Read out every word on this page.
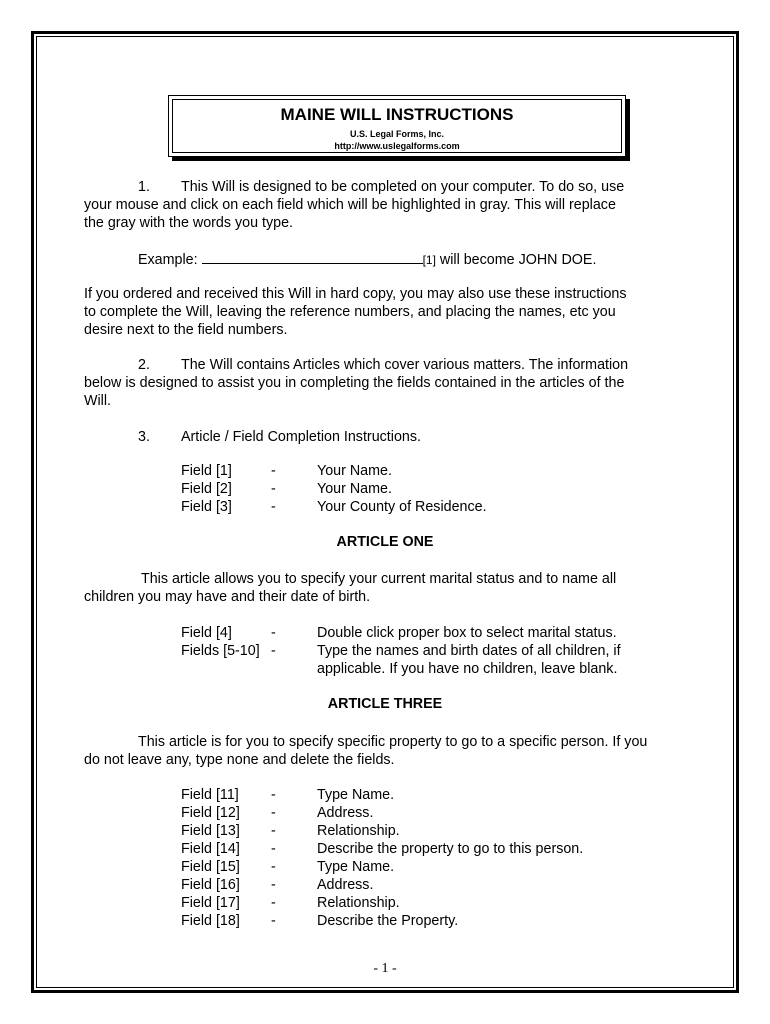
MAINE WILL INSTRUCTIONS
U.S. Legal Forms, Inc.
http://www.uslegalforms.com
1. This Will is designed to be completed on your computer. To do so, use
your mouse and click on each field which will be highlighted in gray. This will replace
the gray with the words you type.
Example:	[1] will become JOHN DOE.
If you ordered and received this Will in hard copy, you may also use these instructions
to complete the Will, leaving the reference numbers, and placing the names, etc you
desire next to the field numbers.
2. The Will contains Articles which cover various matters. The information
below is designed to assist you in completing the fields contained in the articles of the
Will.
3. Article / Field Completion Instructions.
Field [1]	-	Your Name.
Field [2]	-	Your Name.
Field [3]	-	Your County of Residence.
ARTICLE ONE
This article allows you to specify your current marital status and to name all
children you may have and their date of birth.
Field [4]	-	Double click proper box to select marital status.
Fields [5-10] -	Type the names and birth dates of all children, if
applicable. If you have no children, leave blank.
ARTICLE THREE
This article is for you to specify specific property to go to a specific person. If you
do not leave any, type none and delete the fields.
Field [11] -	Type Name.
Field [12] -	Address.
Field [13] -	Relationship.
Field [14] -	Describe the property to go to this person.
Field [15] -	Type Name.
Field [16] -	Address.
Field [17] -	Relationship.
Field [18] -	Describe the Property.
- 1 -
